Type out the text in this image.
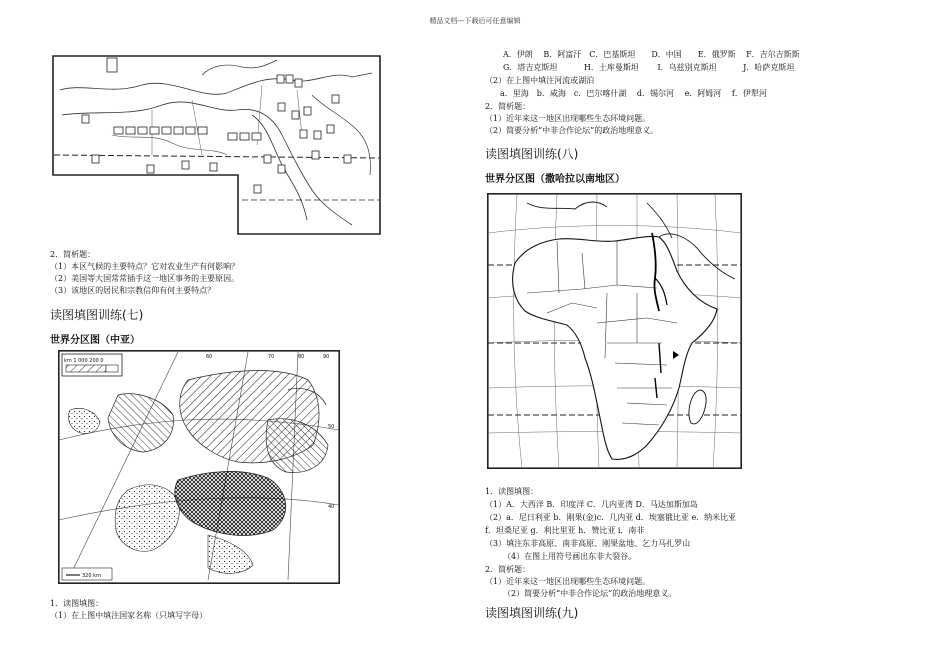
精品文档---下载后可任意编辑
2．简析题：
（1）本区气候的主要特点？它对农业生产有何影响？
（2）美国等大国常常插手这一地区事务的主要原因。
（3）该地区的居民和宗教信仰有何主要特点？
读图填图训练(七)
世界分区图（中亚）
km 1 000 200 0
320 km
60	70	80	90
50
40
1．读图填图：
（1）在上图中填注国家名称（只填写字母）
A．伊朗　 B．阿富汗　C．巴基斯坦　　D．中国　　E．俄罗斯　 F．吉尔吉斯斯
G．塔吉克斯坦　　　 H．土库曼斯坦　　 I．乌兹别克斯坦　　　 J．哈萨克斯坦
（2）在上图中填注河流或湖泊
a．里海　b．咸海　c．巴尔喀什湖　 d．锡尔河　 e．阿姆河　 f．伊犁河
2．简析题：
（1）近年来这一地区出现哪些生态环境问题。
（2）简要分析“中非合作论坛”的政治地理意义。
读图填图训练(八)
世界分区图（撒哈拉以南地区）
1．读图填图：
（1）A．大西洋 B．印度洋 C．几内亚湾 D．马达加斯加岛
（2）a．尼日利亚 b．刚果(金)c．几内亚 d．埃塞俄比亚 e．纳米比亚
f．坦桑尼亚 g．利比里亚 h．赞比亚 i．南非
（3）填注东非高原、南非高原、刚果盆地、乞力马扎罗山
（4）在图上用符号画出东非大裂谷。
2．简析题：
（1）近年来这一地区出现哪些生态环境问题。
（2）简要分析“中非合作论坛”的政治地理意义。
读图填图训练(九)
